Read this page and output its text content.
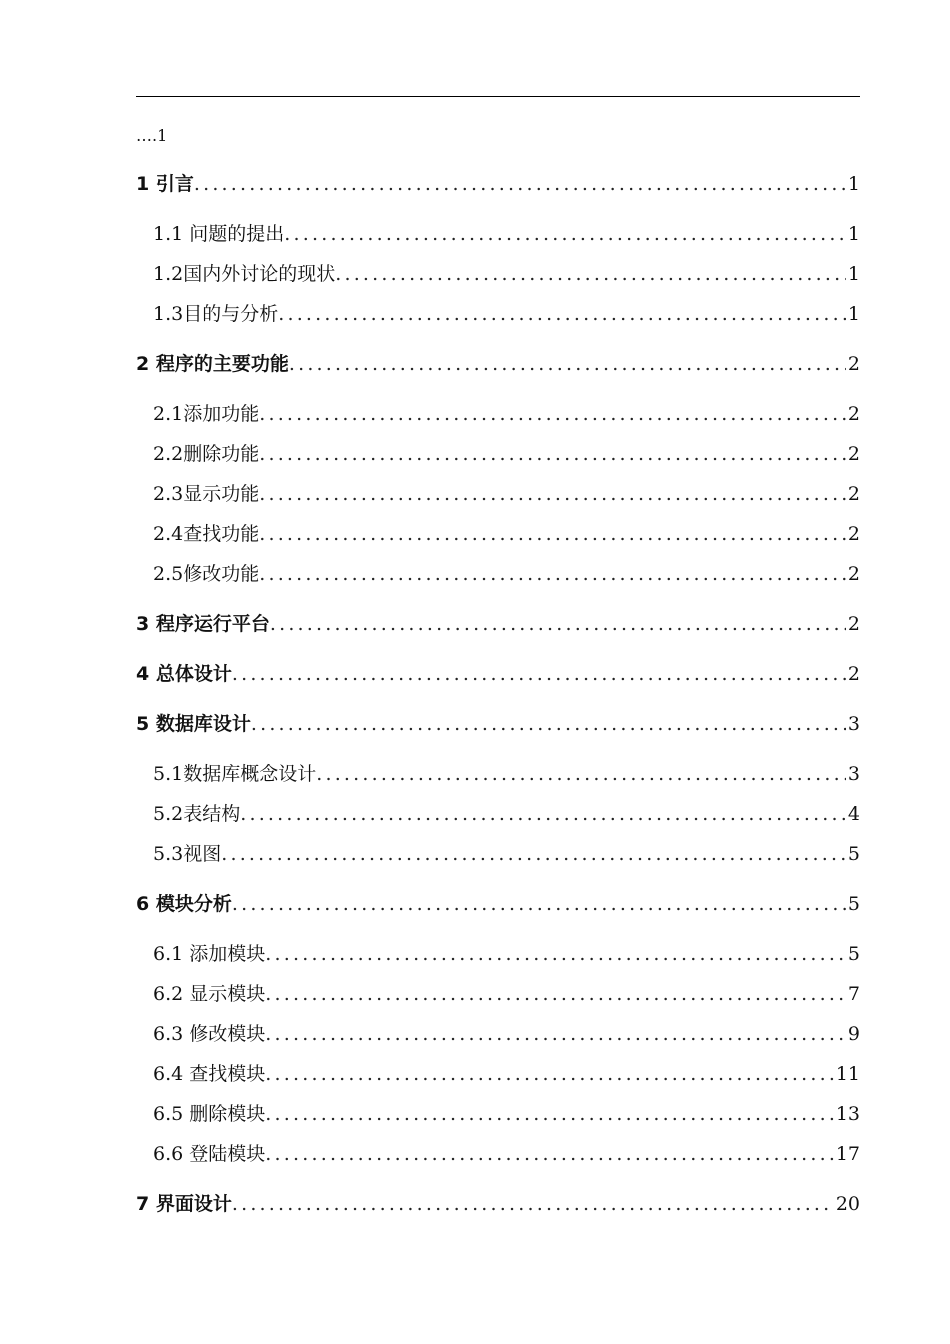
….1
1 引言 .....	1
1.1 问题的提出 .....	1
1.2国内外讨论的现状 .....	1
1.3目的与分析 .....	1
2 程序的主要功能 .....	2
2.1添加功能 .....	2
2.2删除功能 .....	2
2.3显示功能 .....	2
2.4查找功能 .....	2
2.5修改功能 .....	2
3 程序运行平台 .....	2
4 总体设计 .....	2
5 数据库设计 .....	3
5.1数据库概念设计 .....	3
5.2表结构 .....	4
5.3视图 .....	5
6 模块分析 .....	5
6.1 添加模块 .....	5
6.2 显示模块 .....	7
6.3 修改模块 .....	9
6.4 查找模块 .....	11
6.5 删除模块 .....	13
6.6 登陆模块 .....	17
7 界面设计 .....	20
